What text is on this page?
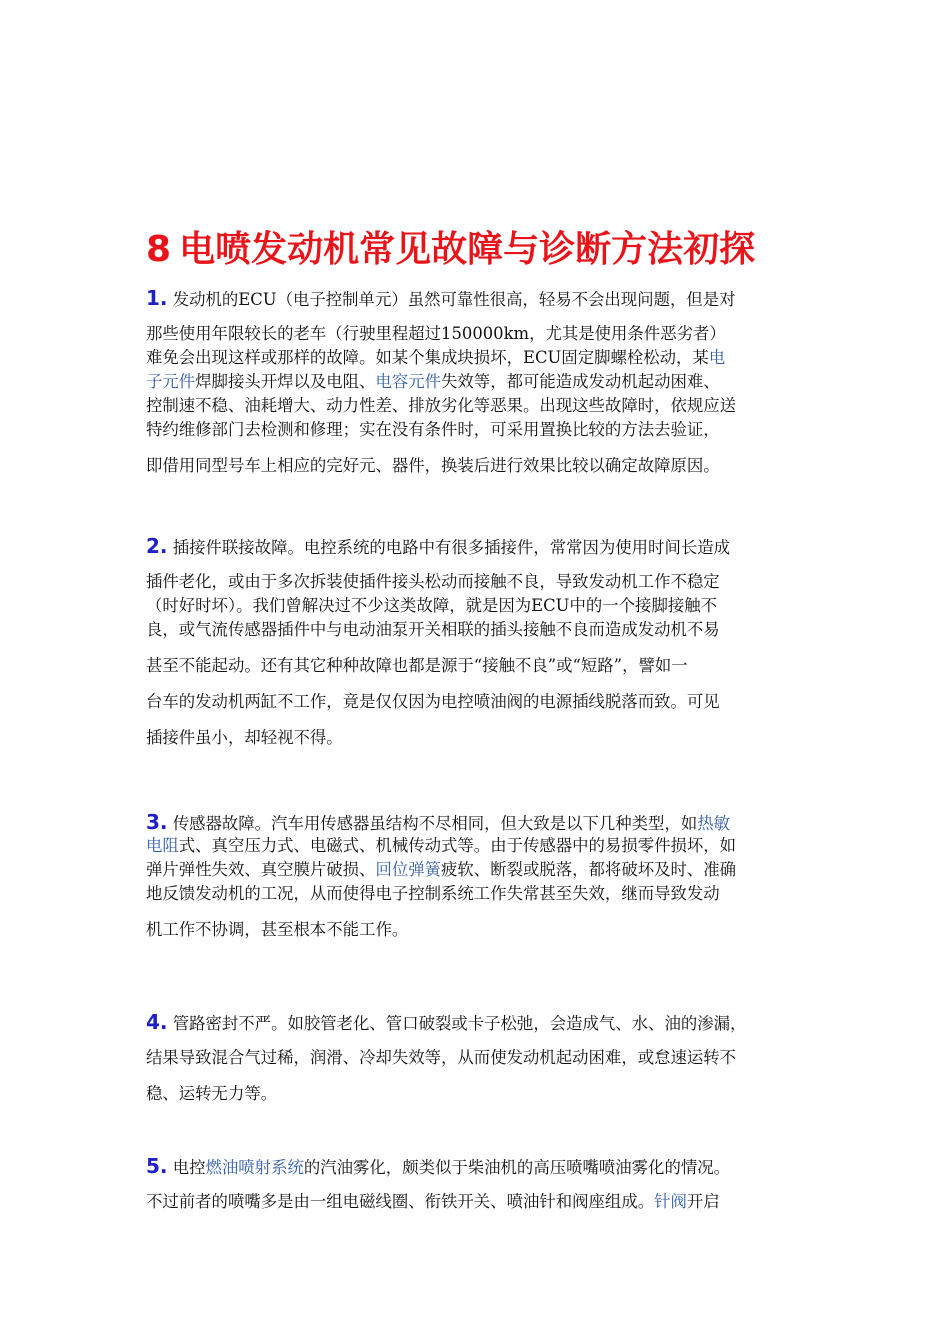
8 电喷发动机常见故障与诊断方法初探
1. 发动机的ECU（电子控制单元）虽然可靠性很高，轻易不会出现问题，但是对
那些使用年限较长的老车（行驶里程超过150000km，尤其是使用条件恶劣者）
难免会出现这样或那样的故障。如某个集成块损坏，ECU固定脚螺栓松动，某电
子元件焊脚接头开焊以及电阻、电容元件失效等，都可能造成发动机起动困难、
控制速不稳、油耗增大、动力性差、排放劣化等恶果。出现这些故障时，依规应送
特约维修部门去检测和修理；实在没有条件时，可采用置换比较的方法去验证，
即借用同型号车上相应的完好元、器件，换装后进行效果比较以确定故障原因。
2. 插接件联接故障。电控系统的电路中有很多插接件，常常因为使用时间长造成
插件老化，或由于多次拆装使插件接头松动而接触不良，导致发动机工作不稳定
（时好时坏）。我们曾解决过不少这类故障，就是因为ECU中的一个接脚接触不
良，或气流传感器插件中与电动油泵开关相联的插头接触不良而造成发动机不易
甚至不能起动。还有其它种种故障也都是源于“接触不良”或“短路”，譬如一
台车的发动机两缸不工作，竟是仅仅因为电控喷油阀的电源插线脱落而致。可见
插接件虽小，却轻视不得。
3. 传感器故障。汽车用传感器虽结构不尽相同，但大致是以下几种类型，如热敏
电阻式、真空压力式、电磁式、机械传动式等。由于传感器中的易损零件损坏，如
弹片弹性失效、真空膜片破损、回位弹簧疲软、断裂或脱落，都将破坏及时、准确
地反馈发动机的工况，从而使得电子控制系统工作失常甚至失效，继而导致发动
机工作不协调，甚至根本不能工作。
4. 管路密封不严。如胶管老化、管口破裂或卡子松弛，会造成气、水、油的渗漏，
结果导致混合气过稀，润滑、冷却失效等，从而使发动机起动困难，或怠速运转不
稳、运转无力等。
5. 电控燃油喷射系统的汽油雾化，颇类似于柴油机的高压喷嘴喷油雾化的情况。
不过前者的喷嘴多是由一组电磁线圈、衔铁开关、喷油针和阀座组成。针阀开启
